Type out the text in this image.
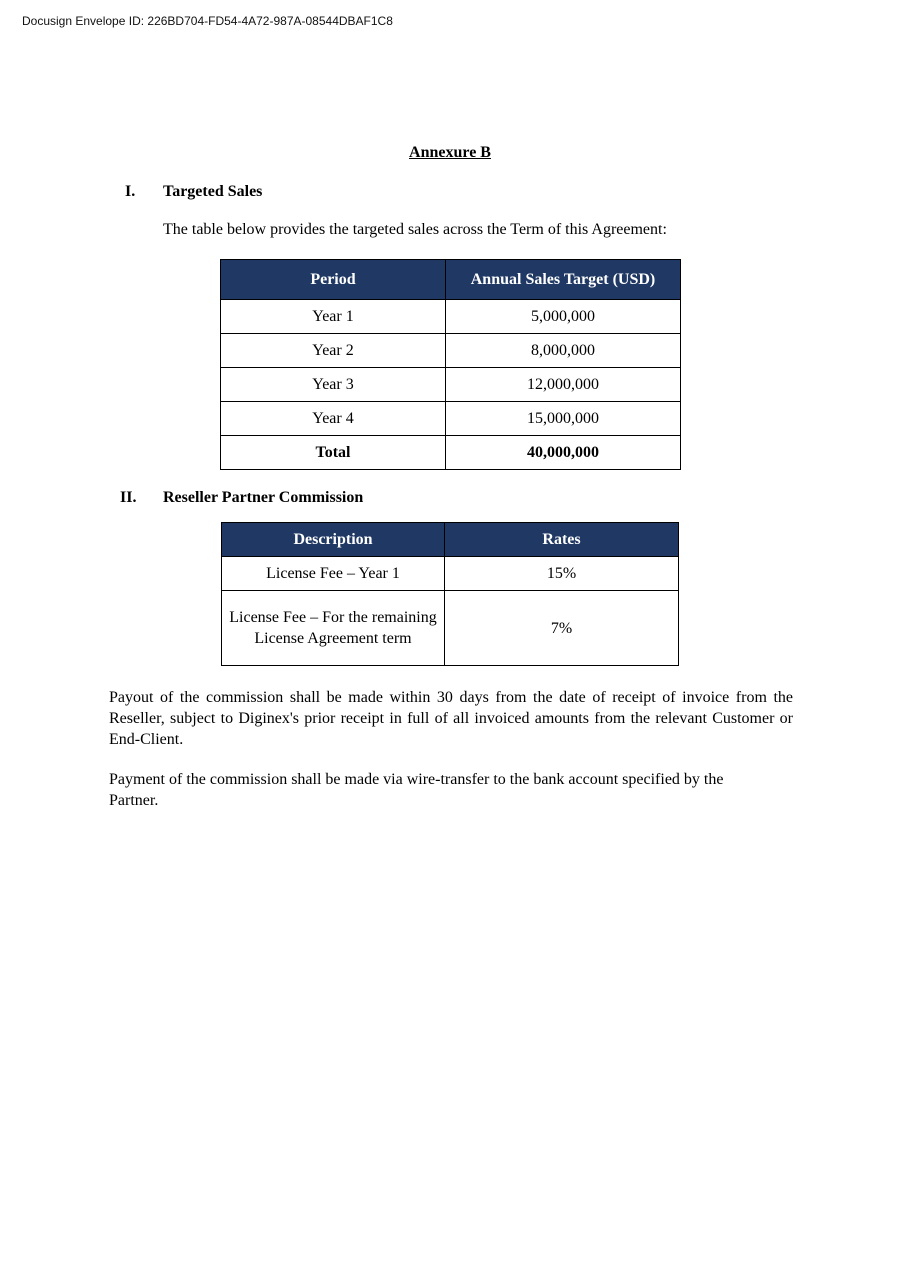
Docusign Envelope ID: 226BD704-FD54-4A72-987A-08544DBAF1C8
Annexure B
I. Targeted Sales
The table below provides the targeted sales across the Term of this Agreement:
Period	Annual Sales Target (USD)
Year 1	5,000,000
Year 2	8,000,000
Year 3	12,000,000
Year 4	15,000,000
Total	40,000,000
II. Reseller Partner Commission
Description	Rates
License Fee – Year 1	15%
License Fee – For the remaining License Agreement term	7%
Payout of the commission shall be made within 30 days from the date of receipt of invoice from the Reseller, subject to Diginex's prior receipt in full of all invoiced amounts from the relevant Customer or End-Client.
Payment of the commission shall be made via wire-transfer to the bank account specified by the Partner.
